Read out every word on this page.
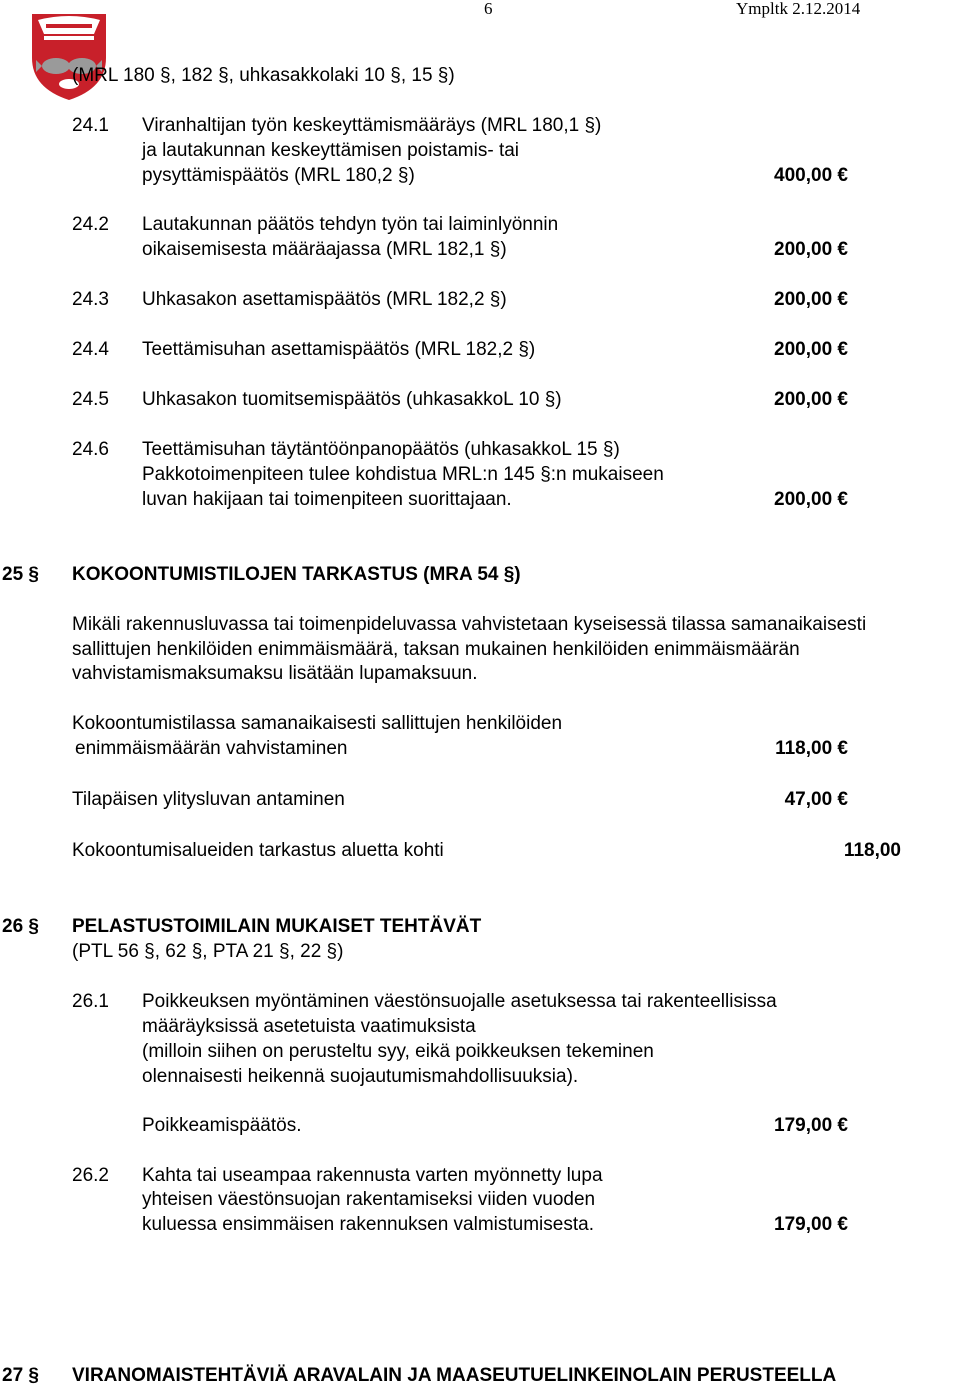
6	Ympltk 2.12.2014
(MRL 180 §, 182 §, uhkasakkolaki 10 §, 15 §)
24.1 Viranhaltijan työn keskeyttämismääräys (MRL 180,1 §)
ja lautakunnan keskeyttämisen poistamis- tai
pysyttämispäätös (MRL 180,2 §)	400,00 €
24.2 Lautakunnan päätös tehdyn työn tai laiminlyönnin
oikaisemisesta määräajassa (MRL 182,1 §)	200,00 €
24.3 Uhkasakon asettamispäätös (MRL 182,2 §)	200,00 €
24.4 Teettämisuhan asettamispäätös (MRL 182,2 §)	200,00 €
24.5 Uhkasakon tuomitsemispäätös (uhkasakkoL 10 §)	200,00 €
24.6 Teettämisuhan täytäntöönpanopäätös (uhkasakkoL 15 §)
Pakkotoimenpiteen tulee kohdistua MRL:n 145 §:n mukaiseen
luvan hakijaan tai toimenpiteen suorittajaan.	200,00 €
25 § KOKOONTUMISTILOJEN TARKASTUS (MRA 54 §)
Mikäli rakennusluvassa tai toimenpideluvassa vahvistetaan kyseisessä tilassa samanaikaisesti
sallittujen henkilöiden enimmäismäärä, taksan mukainen henkilöiden enimmäismäärän
vahvistamismaksumaksu lisätään lupamaksuun.
Kokoontumistilassa samanaikaisesti sallittujen henkilöiden
enimmäismäärän vahvistaminen	118,00 €
Tilapäisen ylitysluvan antaminen	47,00 €
Kokoontumisalueiden tarkastus aluetta kohti	118,00
26 § PELASTUSTOIMILAIN MUKAISET TEHTÄVÄT
(PTL 56 §, 62 §, PTA 21 §, 22 §)
26.1 Poikkeuksen myöntäminen väestönsuojalle asetuksessa tai rakenteellisissa
määräyksissä asetetuista vaatimuksista
(milloin siihen on perusteltu syy, eikä poikkeuksen tekeminen
olennaisesti heikennä suojautumismahdollisuuksia).
Poikkeamispäätös.	179,00 €
26.2 Kahta tai useampaa rakennusta varten myönnetty lupa
yhteisen väestönsuojan rakentamiseksi viiden vuoden
kuluessa ensimmäisen rakennuksen valmistumisesta.	179,00 €
27 § VIRANOMAISTEHTÄVIÄ ARAVALAIN JA MAASEUTUELINKEINOLAIN PERUSTEELLA
